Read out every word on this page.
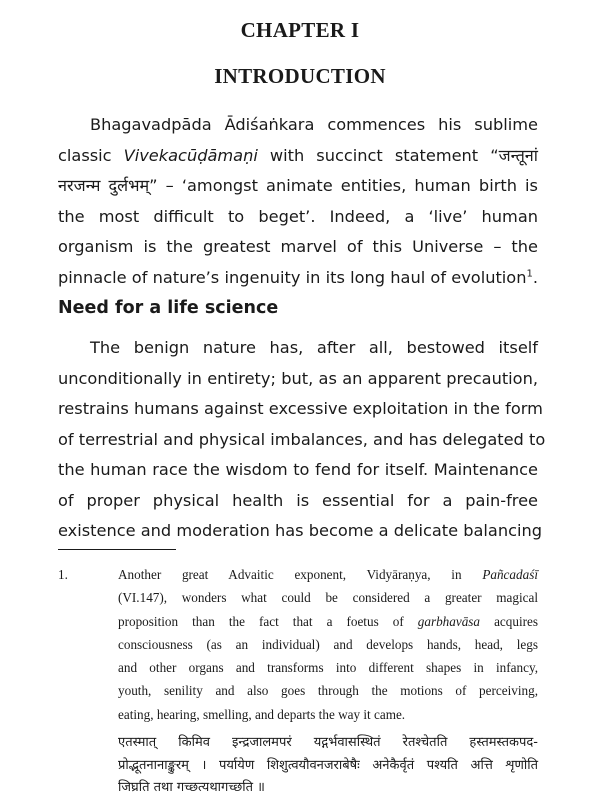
CHAPTER I
INTRODUCTION
Bhagavadpāda Ādiśaṅkara commences his sublime
classic Vivekacūḍāmaṇi with succinct statement “जन्तूनां
नरजन्म दुर्लभम्” – ‘amongst animate entities, human birth is
the most difficult to beget’. Indeed, a ‘live’ human
organism is the greatest marvel of this Universe – the
pinnacle of nature’s ingenuity in its long haul of evolution$^1$.
Need for a life science
The benign nature has, after all, bestowed itself
unconditionally in entirety; but, as an apparent precaution,
restrains humans against excessive exploitation in the form
of terrestrial and physical imbalances, and has delegated to
the human race the wisdom to fend for itself. Maintenance
of proper physical health is essential for a pain-free
existence and moderation has become a delicate balancing
1.	Another great Advaitic exponent, Vidyāraṇya, in Pañcadaśī
(VI.147), wonders what could be considered a greater magical
proposition than the fact that a foetus of garbhavāsa acquires
consciousness (as an individual) and develops hands, head, legs
and other organs and transforms into different shapes in infancy,
youth, senility and also goes through the motions of perceiving,
eating, hearing, smelling, and departs the way it came.
एतस्मात् किमिव इन्द्रजालमपरं यद्गर्भवासस्थितं रेतश्चेतति हस्तमस्तकपद-
प्रोद्भूतनानाङ्कुरम् । पर्यायेण शिशुत्वयौवनजराबेषैः अनेकैर्वृतं पश्यति अत्ति शृणोति
जिघ्रति तथा गच्छत्यथागच्छति ॥
